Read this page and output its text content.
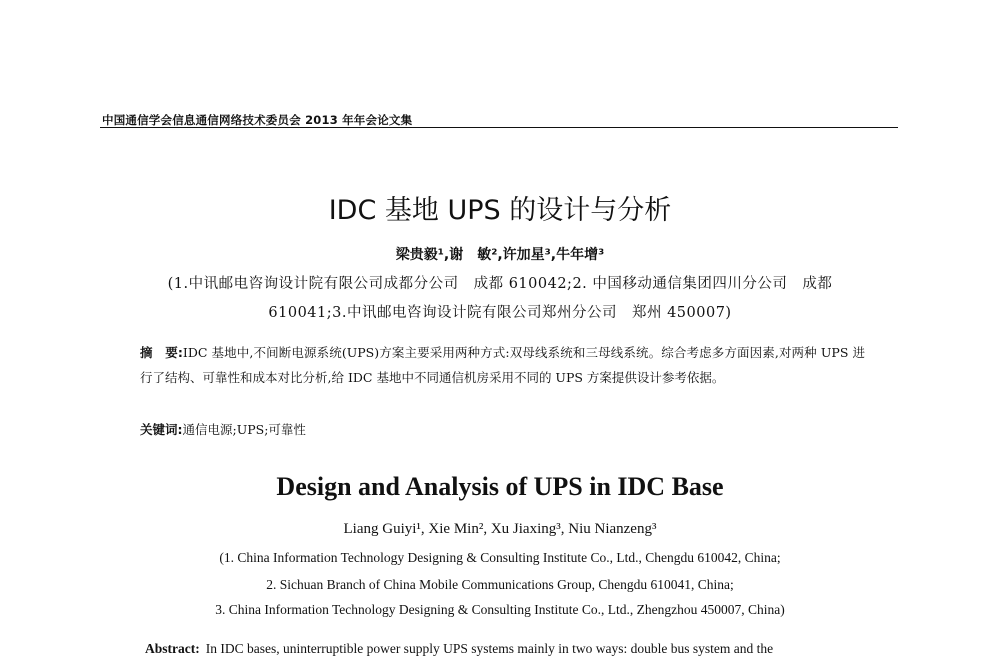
中国通信学会信息通信网络技术委员会 2013 年年会论文集
IDC 基地 UPS 的设计与分析
梁贵毅¹,谢　敏²,许加星³,牛年增³
(1.中讯邮电咨询设计院有限公司成都分公司　成都 610042;2. 中国移动通信集团四川分公司　成都
610041;3.中讯邮电咨询设计院有限公司郑州分公司　郑州 450007)
摘　要:IDC 基地中,不间断电源系统(UPS)方案主要采用两种方式:双母线系统和三母线系统。综合考虑多方面因素,对两种 UPS 进行了结构、可靠性和成本对比分析,给 IDC 基地中不同通信机房采用不同的 UPS 方案提供设计参考依据。
关键词:通信电源;UPS;可靠性
Design and Analysis of UPS in IDC Base
Liang Guiyi¹, Xie Min², Xu Jiaxing³, Niu Nianzeng³
(1. China Information Technology Designing & Consulting Institute Co., Ltd., Chengdu 610042, China;
2. Sichuan Branch of China Mobile Communications Group, Chengdu 610041, China;
3. China Information Technology Designing & Consulting Institute Co., Ltd., Zhengzhou 450007, China)
Abstract: In IDC bases, uninterruptible power supply UPS systems mainly in two ways: double bus system and the
